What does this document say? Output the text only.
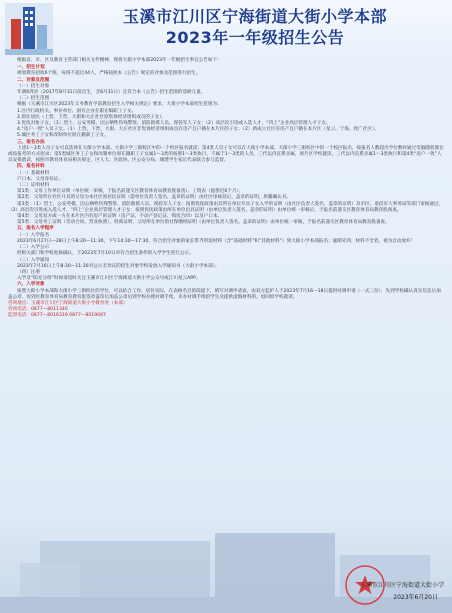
玉溪市江川区宁海街道大街小学本部
2023年一年级招生公告

根据省、市、区及教育主管部门相关文件精神，现将大街小学本部2023年一年级招生事宜公告如下：

一、招生计划

规划教育招收6个班，每班不超过44人，严格按照本《公告》规定的对象及范围进行招生。

二、对象及范围

（一）招生对象

年满6周岁（2017年8月31日前出生，含8月31日）且符合本《公告》招生范围的适龄儿童。

（二）招生范围

根据《玉溪市江川区2023年义务教育学前教育招生入学相关规定》要求，大街小学本部招生范围为：

1.区内行政机关、事业单位、国有企业在职在编职工子女。

2.原住居民（上营、下营、大街和大庄社区原集体经济组织成员的子女）。

3.优抚对象子女。（1）烈士、公安英模、因公牺牲伤残警察、消防救援人员、现役军人子女；（2）高层次引进或入选人才、“四上”企业高层管理人才子女。

4.“房户一致”人员子女。（1）上营、下营、大街、大庄社区非集体经济组织成员有房产且户籍在本片区的子女；（2）新成立社区有房产且户籍在本片区（星云、宁海、致广社区）。

5.城区务工子女和改制单位原在籍职工子女。

三、报名办法

上述1～3类人员子女可以选择在大街小学本部、大街小学三街校区中的一个校区报名就读；第4类人员子女可以在大街小学本部、大街小学三街校区中的一个校区报名，按报名人数超出学位数时通过电脑随机派位或按报考的方式招录；第5类城区务工子女和改制单位原在籍职工子女属1～3类的按照1～3类执行，不属于1～3类的人员，三代以内直系亲属，原片区学校就读，三代以内直系亲属1～3类执行和第4类“房户一致”人员安排就读，按照市教育体育局相关规定，区人大、区政协、区公安分局、城建学生家长代表联合参与监督。

四、报名材料

（一）基础材料

户口本、父母身份证。

（二）证明材料

第1类：父母工作单位证明（单位统一审核，于报名前递交区教育体育局教育股备查）、工资表（提供近6个月）。

第2类：父母所在社区开具的父母为本社区原居民证明（需单位负责人签名、盖章的证明）由社区审核登记、盖章的证明、原籍确认书。

第3类：（1）烈士、公安英模、因公牺牲伤残警察、消防救援人员、现役军人子女：按照优抚政策由其所在单位开具子女入学的证明（由社区负责人签名、盖章的证明）及市区、退役军人事务局等部门审核通过。（2）高层次引进或入选人才、“四上”企业高层管理人才子女：按照优抚政策由所在单位出具证明（由单位负责人签名、盖章的证明）由单位统一审核后，于报名前递交区教育体育局教育股备查。

第4类：父母双方或一方在本片区内有房产的证明（房产证、不动产登记证、购房合同）以及户口本。

第5类：父母务工证明（劳动合同、营业执照）、经商证明、父母所在单位的社保缴纳证明（由单位负责人签名、盖章的证明）由单位统一审核，于报名前递交区教育体育局教育股备查。

五、报名入学程序

（一）入学报名

2023年6月27日—28日上午8:30—11:30，下午14:30—17:30，符合招生对象的家长带齐所需材料（含“基础材料”和“其他材料”）到大街小学本部报名；逾期未到、材料不全者，视为自动放弃！

（二）入学公示

经相关部门和学校复核确认，于2023年7月10日对符合招生条件的入学学生进行公示。

（三）入学通知

2023年7月16日上午8:30—11:30对公示无异议的招生对象学校发放入学通知书（大街小学本部）。

（四）注册

入学及“阳光分班”时间请适时关注玉溪市江川区宁海街道大街小学公众号或江川星云APP。

六、入学对象

按照大街小学本部和大街小学三街校区的学位，可以结合工作、居住实际，在表格名目的前提下，填写对调申请表，由双方监护人于2023年7月16—18日提供对调申请（一式三份），先到学校确认真实信息后加盖公章，再到区教育体育局教育教育股签章盖印后加盖公章后到学校办理对调手续。未办对调手续的学生及提供虚假材料的，退回原学校就读。

咨询地点：玉溪市江川区宁海街道大街小学教务处（本部）

咨询电话：0877—8011340

监督电话：0877—8016319 0877—8019087

玉溪市江川区宁海街道大街小学
2023年6月20日
